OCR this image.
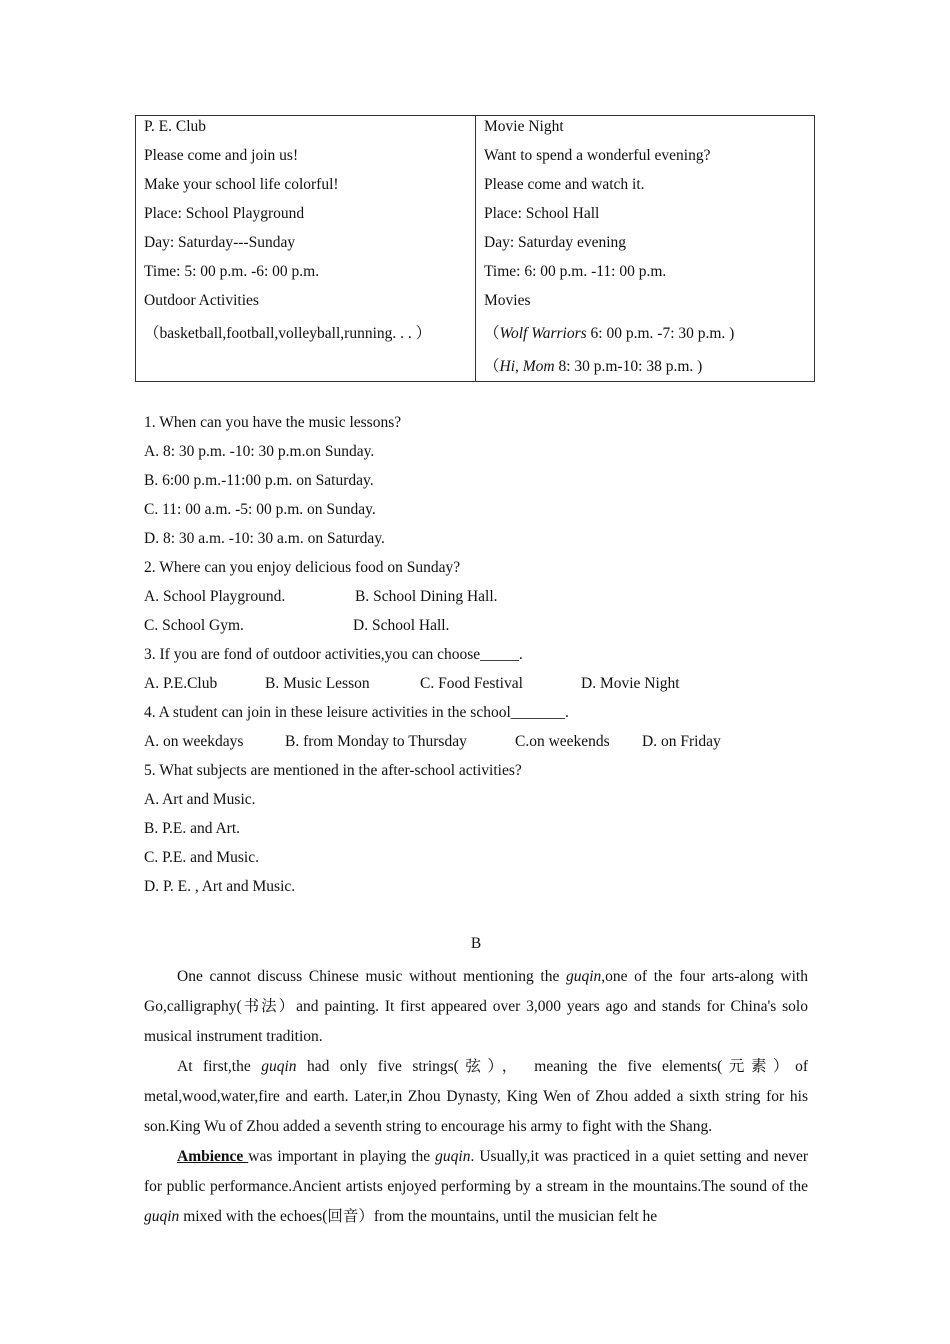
P. E. Club
Please come and join us!
Make your school life colorful!
Place: School Playground
Day: Saturday---Sunday
Time: 5: 00 p.m. -6: 00 p.m.
Outdoor Activities
（basketball,football,volleyball,running. . . ）
Movie Night
Want to spend a wonderful evening?
Please come and watch it.
Place: School Hall
Day: Saturday evening
Time: 6: 00 p.m. -11: 00 p.m.
Movies
（Wolf Warriors 6: 00 p.m. -7: 30 p.m. )
（Hi, Mom 8: 30 p.m-10: 38 p.m. )
1. When can you have the music lessons?
A. 8: 30 p.m. -10: 30 p.m.on Sunday.
B. 6:00 p.m.-11:00 p.m. on Saturday.
C. 11: 00 a.m. -5: 00 p.m. on Sunday.
D. 8: 30 a.m. -10: 30 a.m. on Saturday.
2. Where can you enjoy delicious food on Sunday?
A. School Playground.	B. School Dining Hall.
C. School Gym.	D. School Hall.
3. If you are fond of outdoor activities,you can choose_____.
A. P.E.Club	B. Music Lesson	C. Food Festival	D. Movie Night
4. A student can join in these leisure activities in the school_______.
A. on weekdays	B. from Monday to Thursday	C.on weekends D. on Friday
5. What subjects are mentioned in the after-school activities?
A. Art and Music.
B. P.E. and Art.
C. P.E. and Music.
D. P. E. , Art and Music.
B

One cannot discuss Chinese music without mentioning the guqin,one of the four arts-along with Go,calligraphy(书法）and painting. It first appeared over 3,000 years ago and stands for China's solo musical instrument tradition.

At first,the guqin had only five strings(弦）， meaning the five elements(元素）of metal,wood,water,fire and earth. Later,in Zhou Dynasty, King Wen of Zhou added a sixth string for his son.King Wu of Zhou added a seventh string to encourage his army to fight with the Shang.

Ambience was important in playing the guqin. Usually,it was practiced in a quiet setting and never for public performance.Ancient artists enjoyed performing by a stream in the mountains.The sound of the guqin mixed with the echoes(回音）from the mountains, until the musician felt he
